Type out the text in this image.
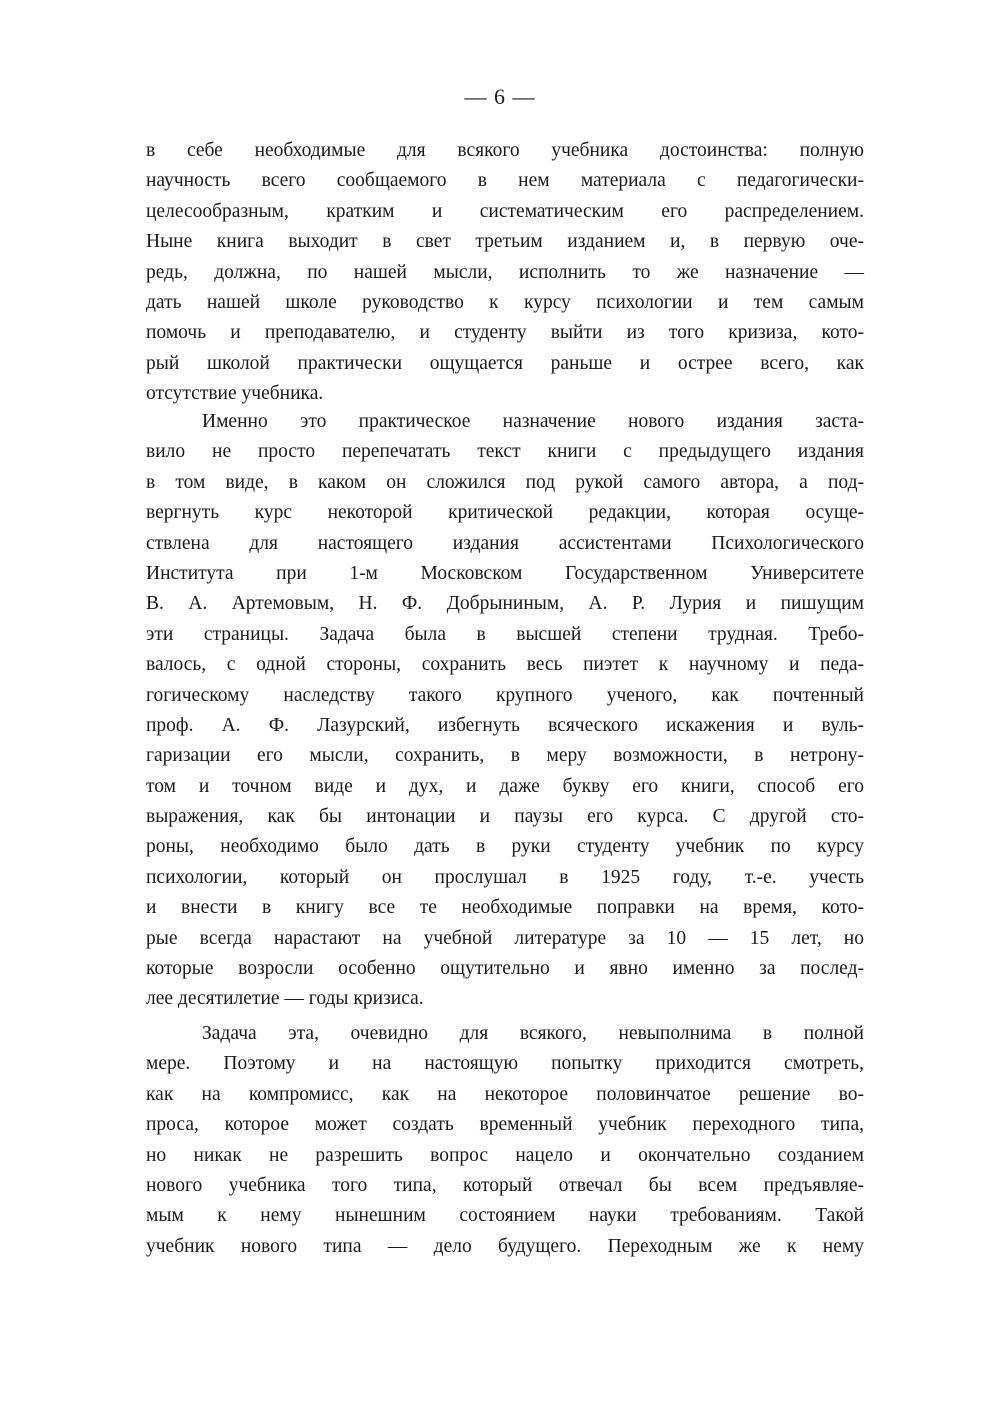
— 6 —
в себе необходимые для всякого учебника достоинства: полную
научность всего сообщаемого в нем материала с педагогически-
целесообразным, кратким и систематическим его распределением.
Ныне книга выходит в свет третьим изданием и, в первую оче-
редь, должна, по нашей мысли, исполнить то же назначение —
дать нашей школе руководство к курсу психологии и тем самым
помочь и преподавателю, и студенту выйти из того кризиза, кото-
рый школой практически ощущается раньше и острее всего, как
отсутствие учебника.
Именно это практическое назначение нового издания заста-
вило не просто перепечатать текст книги с предыдущего издания
в том виде, в каком он сложился под рукой самого автора, а под-
вергнуть курс некоторой критической редакции, которая осуще-
ствлена для настоящего издания ассистентами Психологического
Института при 1-м Московском Государственном Университете
В. А. Артемовым, Н. Ф. Добрыниным, А. Р. Лурия и пишущим
эти страницы. Задача была в высшей степени трудная. Требо-
валось, с одной стороны, сохранить весь пиэтет к научному и педа-
гогическому наследству такого крупного ученого, как почтенный
проф. А. Ф. Лазурский, избегнуть всяческого искажения и вуль-
гаризации его мысли, сохранить, в меру возможности, в нетрону-
том и точном виде и дух, и даже букву его книги, способ его
выражения, как бы интонации и паузы его курса. С другой сто-
роны, необходимо было дать в руки студенту учебник по курсу
психологии, который он прослушал в 1925 году, т.-е. учесть
и внести в книгу все те необходимые поправки на время, кото-
рые всегда нарастают на учебной литературе за 10 — 15 лет, но
которые возросли особенно ощутительно и явно именно за послед-
лее десятилетие — годы кризиса.
Задача эта, очевидно для всякого, невыполнима в полной
мере. Поэтому и на настоящую попытку приходится смотреть,
как на компромисс, как на некоторое половинчатое решение во-
проса, которое может создать временный учебник переходного типа,
но никак не разрешить вопрос нацело и окончательно созданием
нового учебника того типа, который отвечал бы всем предъявляе-
мым к нему нынешним состоянием науки требованиям. Такой
учебник нового типа — дело будущего. Переходным же к нему
